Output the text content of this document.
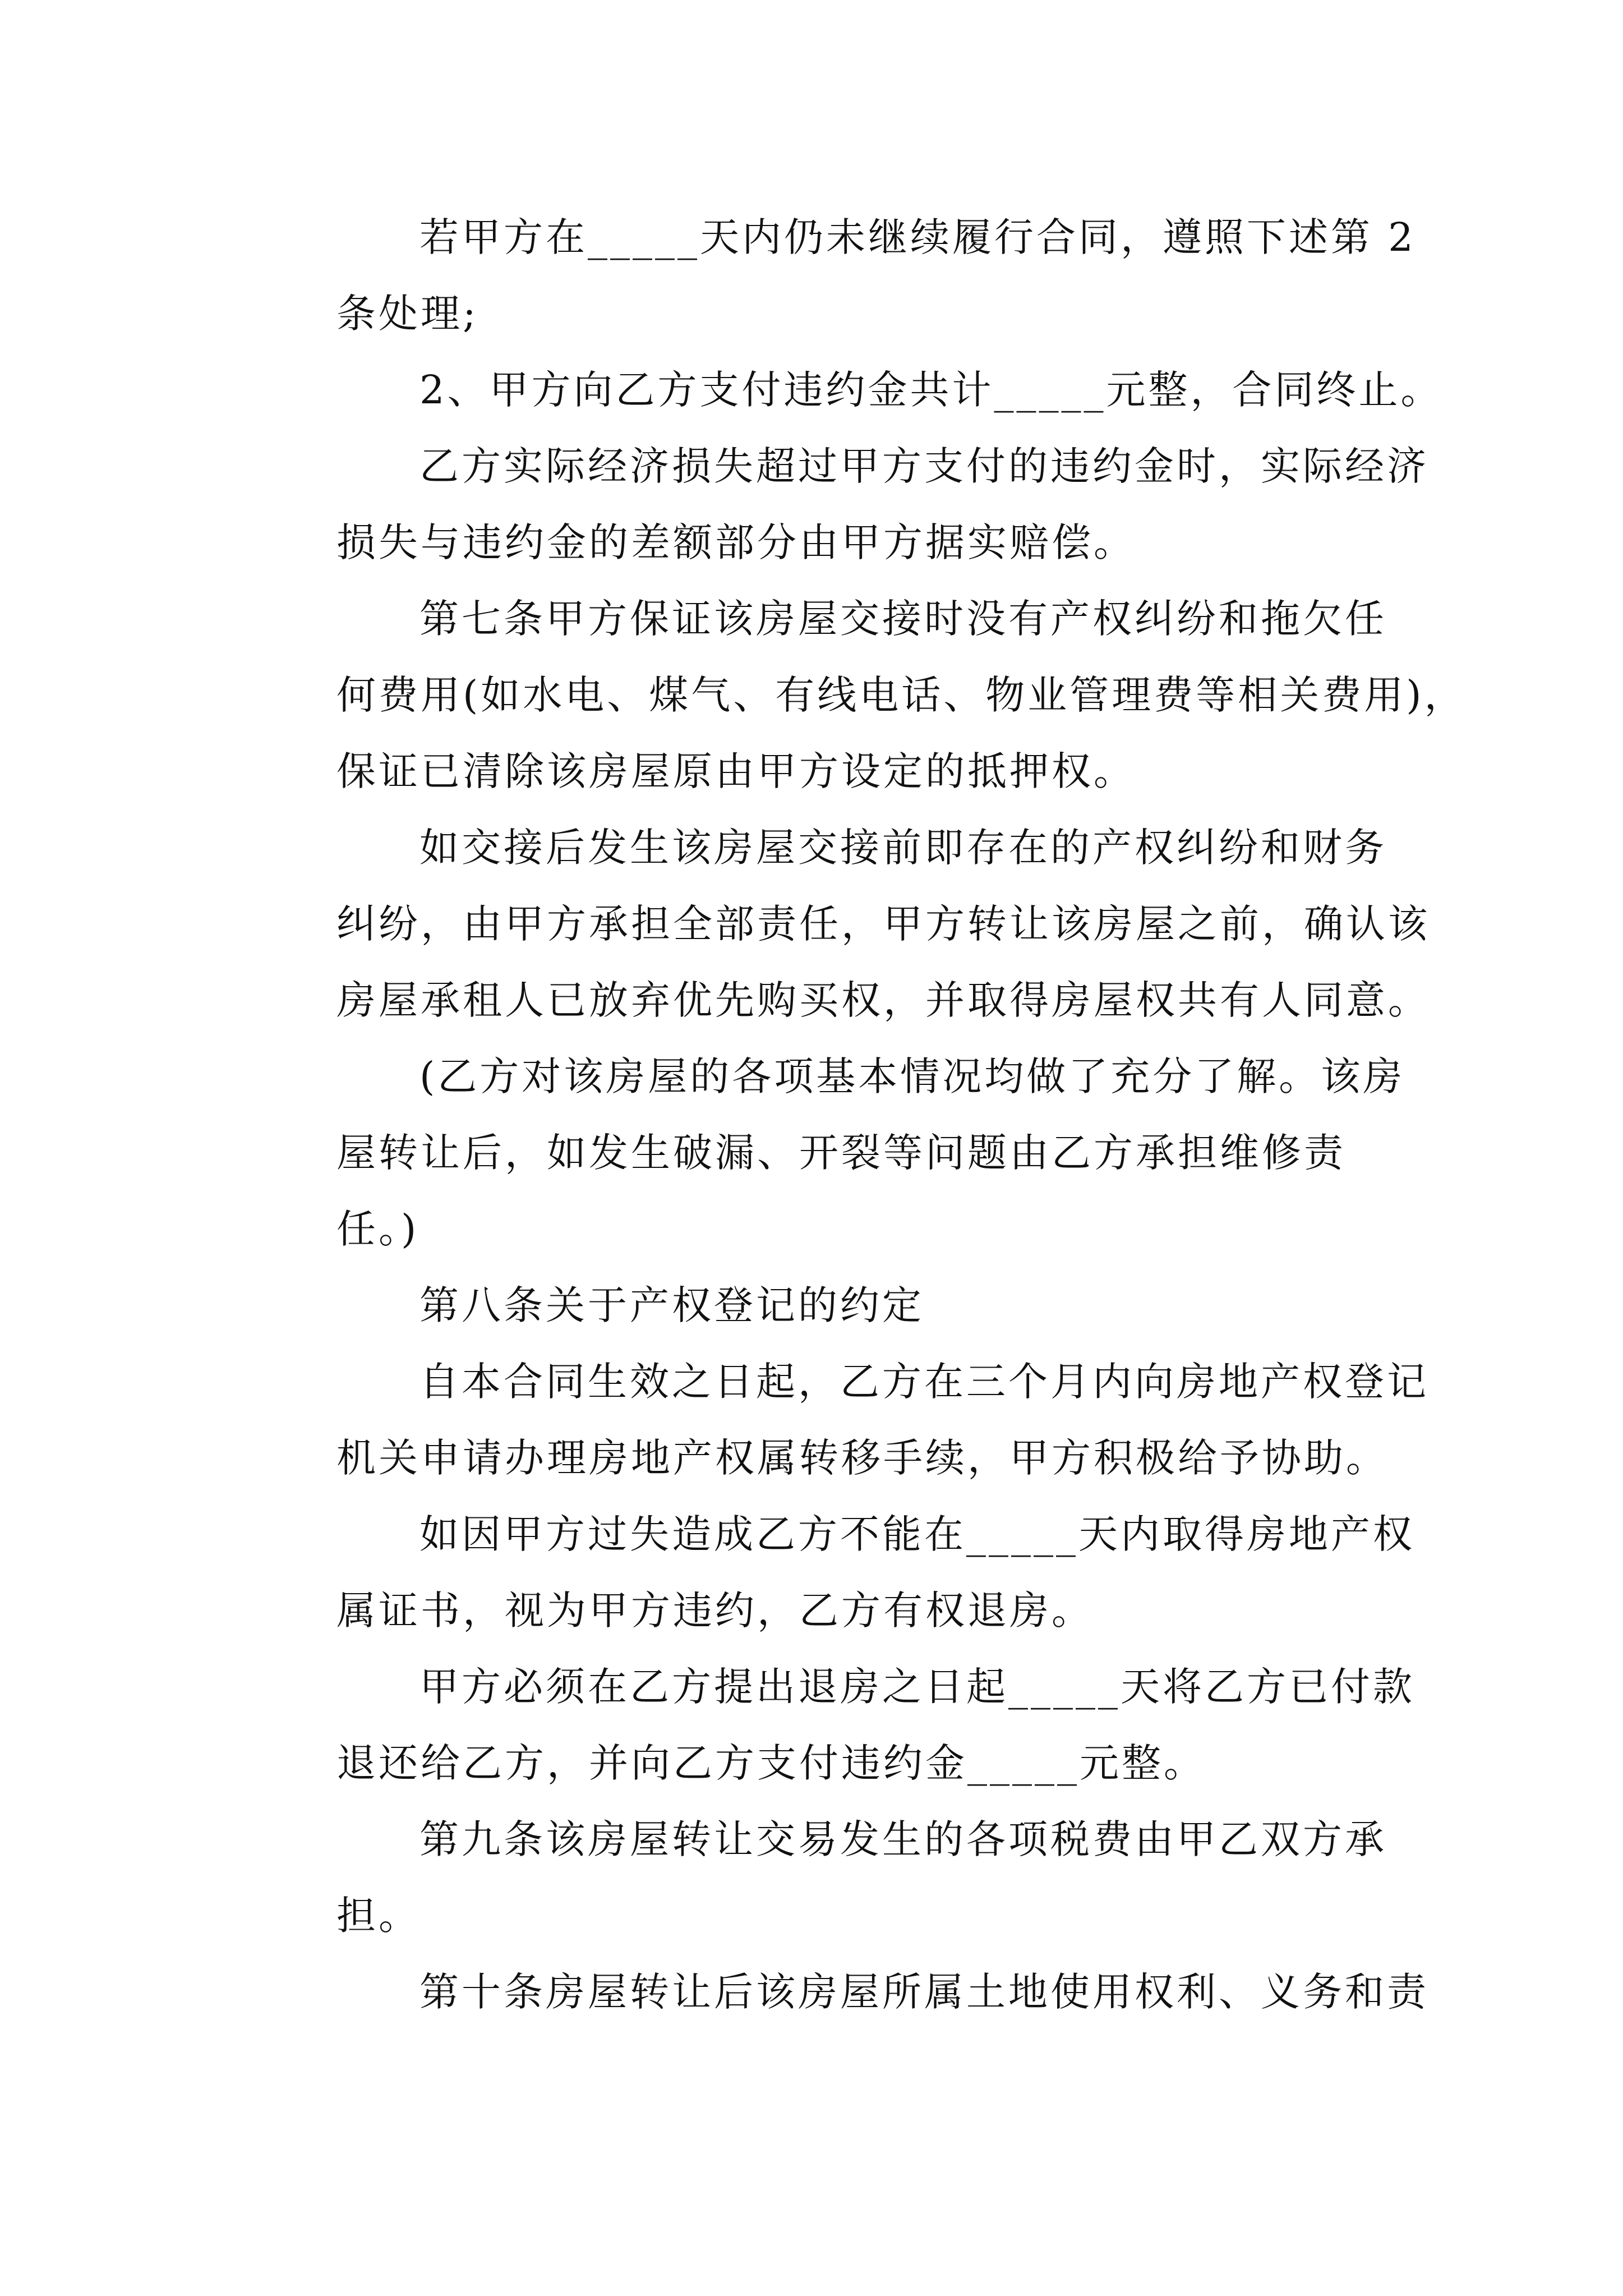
若甲方在_____天内仍未继续履行合同，遵照下述第 2
条处理;

2、甲方向乙方支付违约金共计_____元整，合同终止。

乙方实际经济损失超过甲方支付的违约金时，实际经济
损失与违约金的差额部分由甲方据实赔偿。

第七条甲方保证该房屋交接时没有产权纠纷和拖欠任
何费用(如水电、煤气、有线电话、物业管理费等相关费用)，
保证已清除该房屋原由甲方设定的抵押权。

如交接后发生该房屋交接前即存在的产权纠纷和财务
纠纷，由甲方承担全部责任，甲方转让该房屋之前，确认该
房屋承租人已放弃优先购买权，并取得房屋权共有人同意。

(乙方对该房屋的各项基本情况均做了充分了解。该房
屋转让后，如发生破漏、开裂等问题由乙方承担维修责
任。)

第八条关于产权登记的约定

自本合同生效之日起，乙方在三个月内向房地产权登记
机关申请办理房地产权属转移手续，甲方积极给予协助。

如因甲方过失造成乙方不能在_____天内取得房地产权
属证书，视为甲方违约，乙方有权退房。

甲方必须在乙方提出退房之日起_____天将乙方已付款
退还给乙方，并向乙方支付违约金_____元整。

第九条该房屋转让交易发生的各项税费由甲乙双方承
担。

第十条房屋转让后该房屋所属土地使用权利、义务和责
